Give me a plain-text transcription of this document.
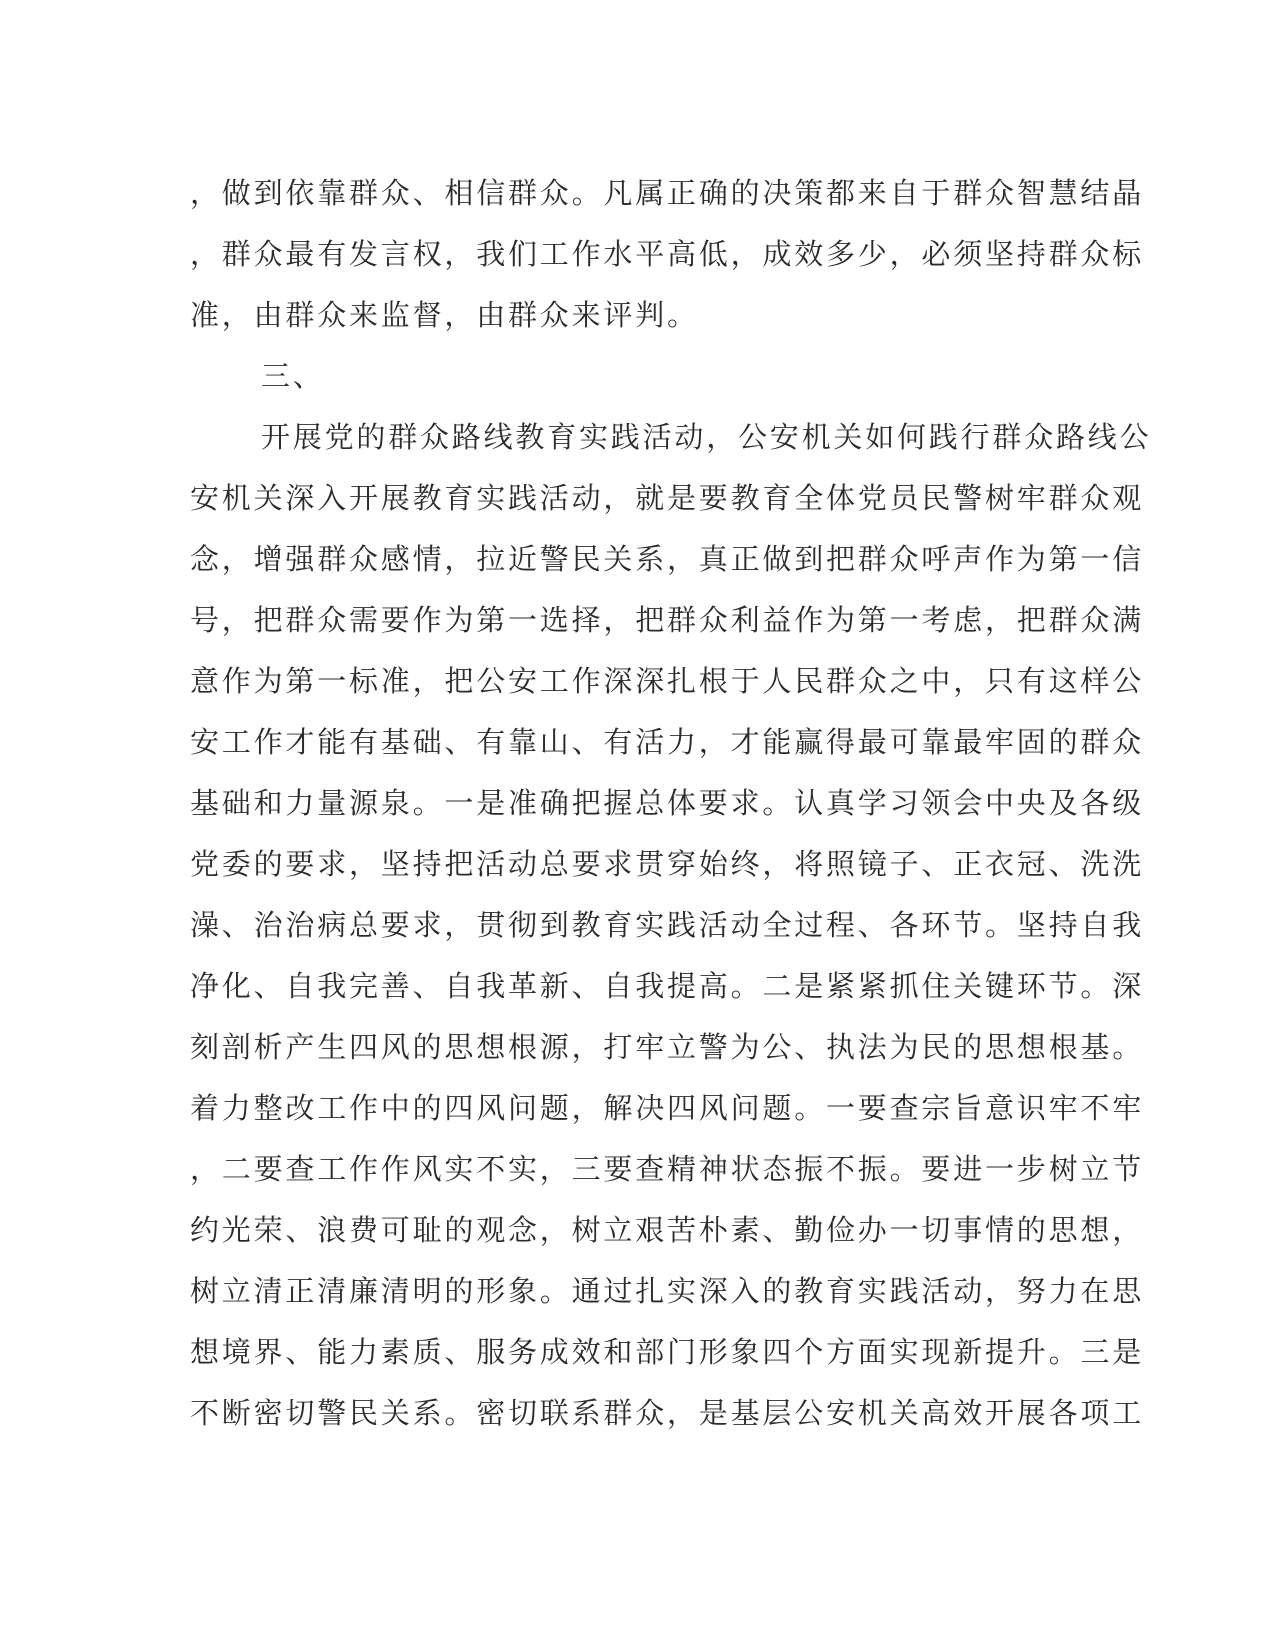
，做到依靠群众、相信群众。凡属正确的决策都来自于群众智慧结晶
，群众最有发言权，我们工作水平高低，成效多少，必须坚持群众标
准，由群众来监督，由群众来评判。
三、
开展党的群众路线教育实践活动，公安机关如何践行群众路线公
安机关深入开展教育实践活动，就是要教育全体党员民警树牢群众观
念，增强群众感情，拉近警民关系，真正做到把群众呼声作为第一信
号，把群众需要作为第一选择，把群众利益作为第一考虑，把群众满
意作为第一标准，把公安工作深深扎根于人民群众之中，只有这样公
安工作才能有基础、有靠山、有活力，才能赢得最可靠最牢固的群众
基础和力量源泉。一是准确把握总体要求。认真学习领会中央及各级
党委的要求，坚持把活动总要求贯穿始终，将照镜子、正衣冠、洗洗
澡、治治病总要求，贯彻到教育实践活动全过程、各环节。坚持自我
净化、自我完善、自我革新、自我提高。二是紧紧抓住关键环节。深
刻剖析产生四风的思想根源，打牢立警为公、执法为民的思想根基。
着力整改工作中的四风问题，解决四风问题。一要查宗旨意识牢不牢
，二要查工作作风实不实，三要查精神状态振不振。要进一步树立节
约光荣、浪费可耻的观念，树立艰苦朴素、勤俭办一切事情的思想，
树立清正清廉清明的形象。通过扎实深入的教育实践活动，努力在思
想境界、能力素质、服务成效和部门形象四个方面实现新提升。三是
不断密切警民关系。密切联系群众，是基层公安机关高效开展各项工
